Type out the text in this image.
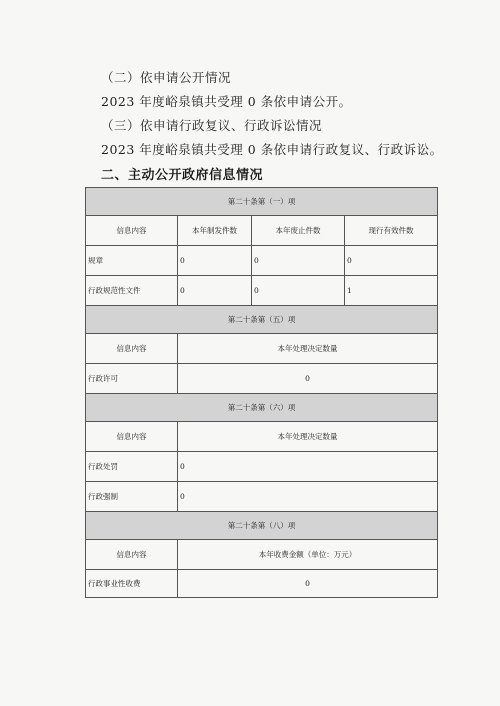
（二）依申请公开情况
2023 年度峪泉镇共受理 0 条依申请公开。
（三）依申请行政复议、行政诉讼情况
2023 年度峪泉镇共受理 0 条依申请行政复议、行政诉讼。
二、主动公开政府信息情况
第二十条第（一）项			
信息内容	本年制发件数	本年废止件数	现行有效件数
规章	0	0	0
行政规范性文件	0	0	1
第二十条第（五）项			
信息内容	本年处理决定数量		
行政许可	0		
第二十条第（六）项			
信息内容	本年处理决定数量		
行政处罚	0		
行政强制	0		
第二十条第（八）项			
信息内容	本年收费金额（单位：万元）		
行政事业性收费	0		
